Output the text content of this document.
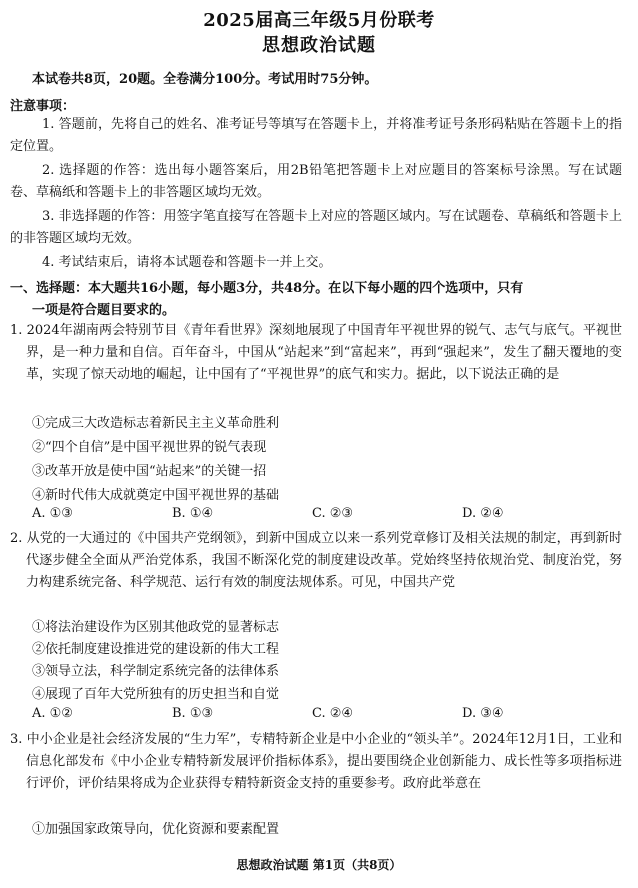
2025届高三年级5月份联考
思想政治试题
本试卷共8页，20题。全卷满分100分。考试用时75分钟。
注意事项：
1. 答题前，先将自己的姓名、准考证号等填写在答题卡上，并将准考证号条形码粘贴在答题卡上的指定位置。
2. 选择题的作答：选出每小题答案后，用2B铅笔把答题卡上对应题目的答案标号涂黑。写在试题卷、草稿纸和答题卡上的非答题区域均无效。
3. 非选择题的作答：用签字笔直接写在答题卡上对应的答题区域内。写在试题卷、草稿纸和答题卡上的非答题区域均无效。
4. 考试结束后，请将本试题卷和答题卡一并上交。
一、选择题：本大题共16小题，每小题3分，共48分。在以下每小题的四个选项中，只有
一项是符合题目要求的。
1. 2024年湖南两会特别节目《青年看世界》深刻地展现了中国青年平视世界的锐气、志气与底气。平视世界，是一种力量和自信。百年奋斗，中国从“站起来”到“富起来”，再到“强起来”，发生了翻天覆地的变革，实现了惊天动地的崛起，让中国有了“平视世界”的底气和实力。据此，以下说法正确的是
①完成三大改造标志着新民主主义革命胜利
②“四个自信”是中国平视世界的锐气表现
③改革开放是使中国“站起来”的关键一招
④新时代伟大成就奠定中国平视世界的基础
A. ①③	B. ①④	C. ②③	D. ②④
2. 从党的一大通过的《中国共产党纲领》，到新中国成立以来一系列党章修订及相关法规的制定，再到新时代逐步健全全面从严治党体系，我国不断深化党的制度建设改革。党始终坚持依规治党、制度治党，努力构建系统完备、科学规范、运行有效的制度法规体系。可见，中国共产党
①将法治建设作为区别其他政党的显著标志
②依托制度建设推进党的建设新的伟大工程
③领导立法，科学制定系统完备的法律体系
④展现了百年大党所独有的历史担当和自觉
A. ①②	B. ①③	C. ②④	D. ③④
3. 中小企业是社会经济发展的“生力军”，专精特新企业是中小企业的“领头羊”。2024年12月1日，工业和信息化部发布《中小企业专精特新发展评价指标体系》，提出要围绕企业创新能力、成长性等多项指标进行评价，评价结果将成为企业获得专精特新资金支持的重要参考。政府此举意在
①加强国家政策导向，优化资源和要素配置
思想政治试题 第1页（共8页）
